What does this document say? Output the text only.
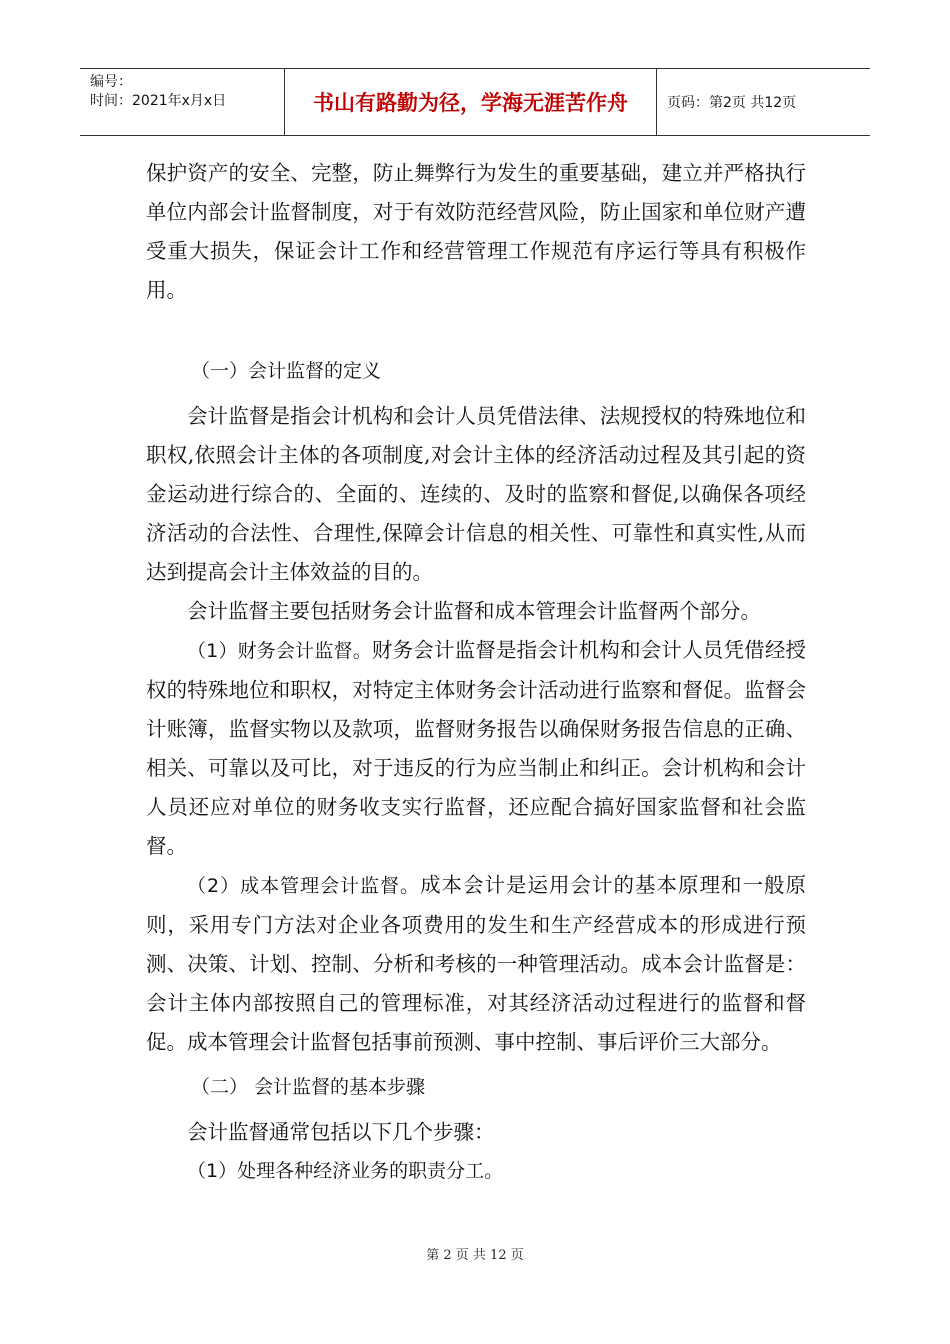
编号：
时间：2021年x月x日	书山有路勤为径，学海无涯苦作舟	页码：第2页 共12页

保护资产的安全、完整，防止舞弊行为发生的重要基础，建立并严格执行单位内部会计监督制度，对于有效防范经营风险，防止国家和单位财产遭受重大损失，保证会计工作和经营管理工作规范有序运行等具有积极作用。

（一）会计监督的定义

会计监督是指会计机构和会计人员凭借法律、法规授权的特殊地位和职权,依照会计主体的各项制度,对会计主体的经济活动过程及其引起的资金运动进行综合的、全面的、连续的、及时的监察和督促,以确保各项经济活动的合法性、合理性,保障会计信息的相关性、可靠性和真实性,从而达到提高会计主体效益的目的。

会计监督主要包括财务会计监督和成本管理会计监督两个部分。

（1）财务会计监督。财务会计监督是指会计机构和会计人员凭借经授权的特殊地位和职权，对特定主体财务会计活动进行监察和督促。监督会计账簿，监督实物以及款项，监督财务报告以确保财务报告信息的正确、相关、可靠以及可比，对于违反的行为应当制止和纠正。会计机构和会计人员还应对单位的财务收支实行监督，还应配合搞好国家监督和社会监督。

（2）成本管理会计监督。成本会计是运用会计的基本原理和一般原则，采用专门方法对企业各项费用的发生和生产经营成本的形成进行预测、决策、计划、控制、分析和考核的一种管理活动。成本会计监督是：会计主体内部按照自己的管理标准，对其经济活动过程进行的监督和督促。成本管理会计监督包括事前预测、事中控制、事后评价三大部分。

（二） 会计监督的基本步骤

会计监督通常包括以下几个步骤：

（1）处理各种经济业务的职责分工。

第 2 页 共 12 页
